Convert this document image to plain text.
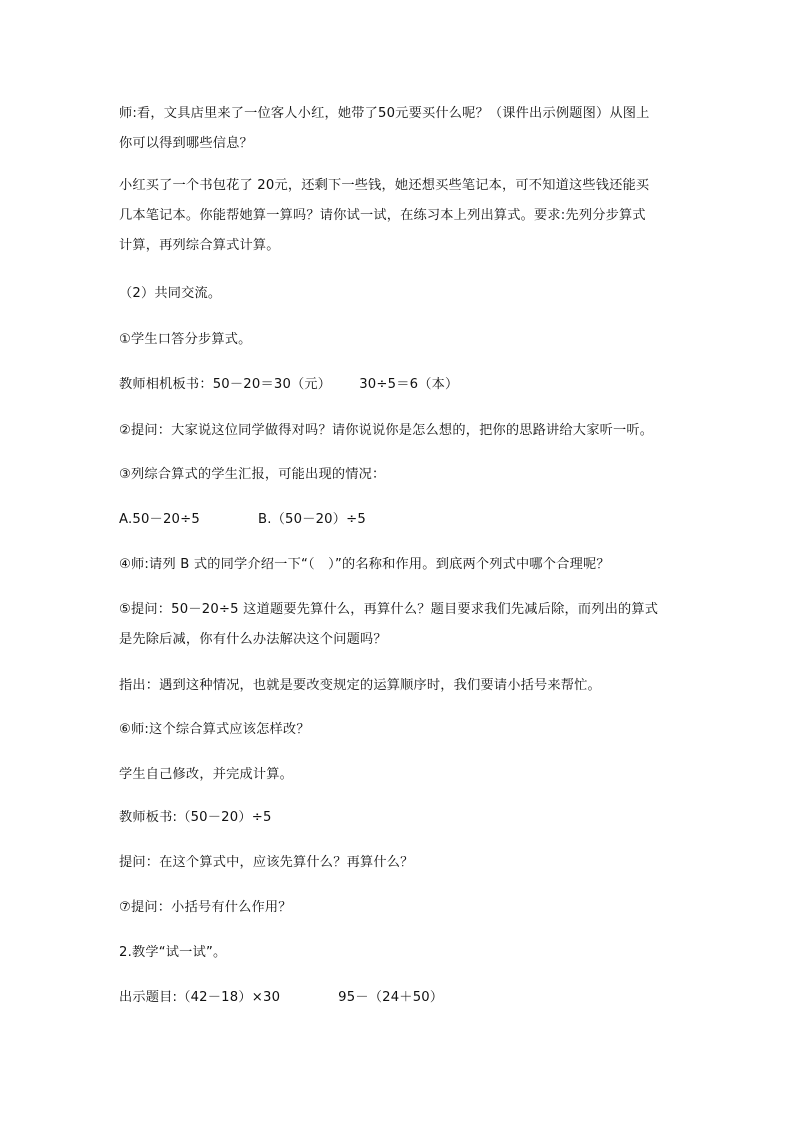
师:看，文具店里来了一位客人小红，她带了50元要买什么呢？（课件出示例题图）从图上
你可以得到哪些信息？
小红买了一个书包花了 20元，还剩下一些钱，她还想买些笔记本，可不知道这些钱还能买
几本笔记本。你能帮她算一算吗？请你试一试，在练习本上列出算式。要求:先列分步算式
计算，再列综合算式计算。
（2）共同交流。
①学生口答分步算式。
教师相机板书：50－20＝30（元） 30÷5＝6（本）
②提问：大家说这位同学做得对吗？请你说说你是怎么想的，把你的思路讲给大家听一听。
③列综合算式的学生汇报，可能出现的情况：
A.50－20÷5	B.（50－20）÷5
④师:请列 B 式的同学介绍一下“（　）”的名称和作用。到底两个列式中哪个合理呢？
⑤提问：50－20÷5 这道题要先算什么，再算什么？题目要求我们先减后除，而列出的算式
是先除后减，你有什么办法解决这个问题吗？
指出：遇到这种情况，也就是要改变规定的运算顺序时，我们要请小括号来帮忙。
⑥师:这个综合算式应该怎样改？
学生自己修改，并完成计算。
教师板书:（50－20）÷5
提问：在这个算式中，应该先算什么？再算什么？
⑦提问：小括号有什么作用？
2.教学“试一试”。
出示题目:（42－18）×30	95－（24＋50）
